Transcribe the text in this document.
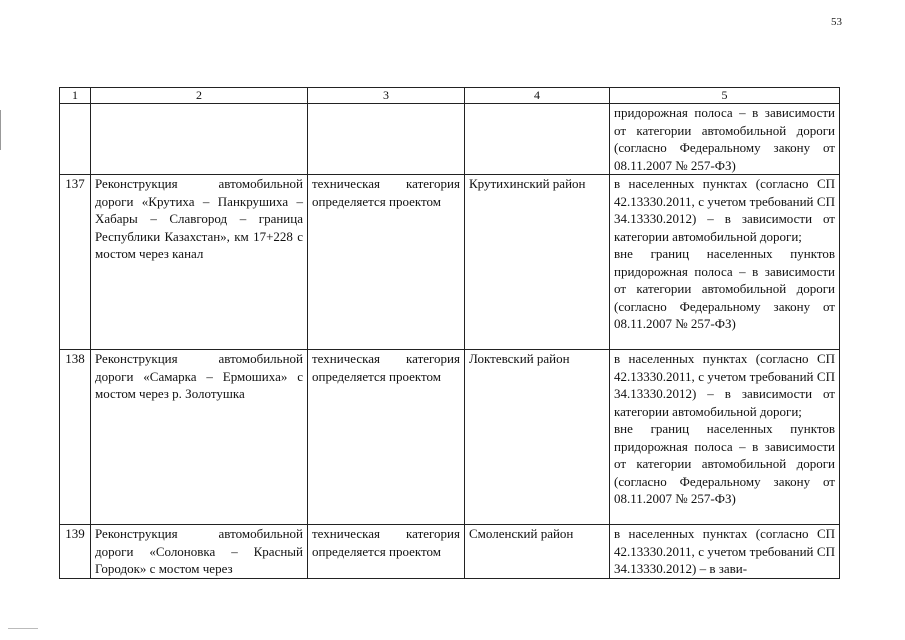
53
1	2	3	4	5

				придорожная полоса – в зависимости от категории автомобильной дороги (согласно Федеральному закону от 08.11.2007 № 257-ФЗ)

137	Реконструкция автомобильной дороги «Крутиха – Панкрушиха – Хабары – Славгород – граница Республики Казахстан», км 17+228 с мостом через канал	техническая категория определяется проектом	Крутихинский район	в населенных пунктах (согласно СП 42.13330.2011, с учетом требований СП 34.13330.2012) – в зависимости от категории автомобильной дороги;
вне границ населенных пунктов придорожная полоса – в зависимости от категории автомобильной дороги (согласно Федеральному закону от 08.11.2007 № 257-ФЗ)

138	Реконструкция автомобильной дороги «Самарка – Ермошиха» с мостом через р. Золотушка	техническая категория определяется проектом	Локтевский район	в населенных пунктах (согласно СП 42.13330.2011, с учетом требований СП 34.13330.2012) – в зависимости от категории автомобильной дороги;
вне границ населенных пунктов придорожная полоса – в зависимости от категории автомобильной дороги (согласно Федеральному закону от 08.11.2007 № 257-ФЗ)

139	Реконструкция автомобильной дороги «Солоновка – Красный Городок» с мостом через	техническая категория определяется проектом	Смоленский район	в населенных пунктах (согласно СП 42.13330.2011, с учетом требований СП 34.13330.2012) – в зави-
